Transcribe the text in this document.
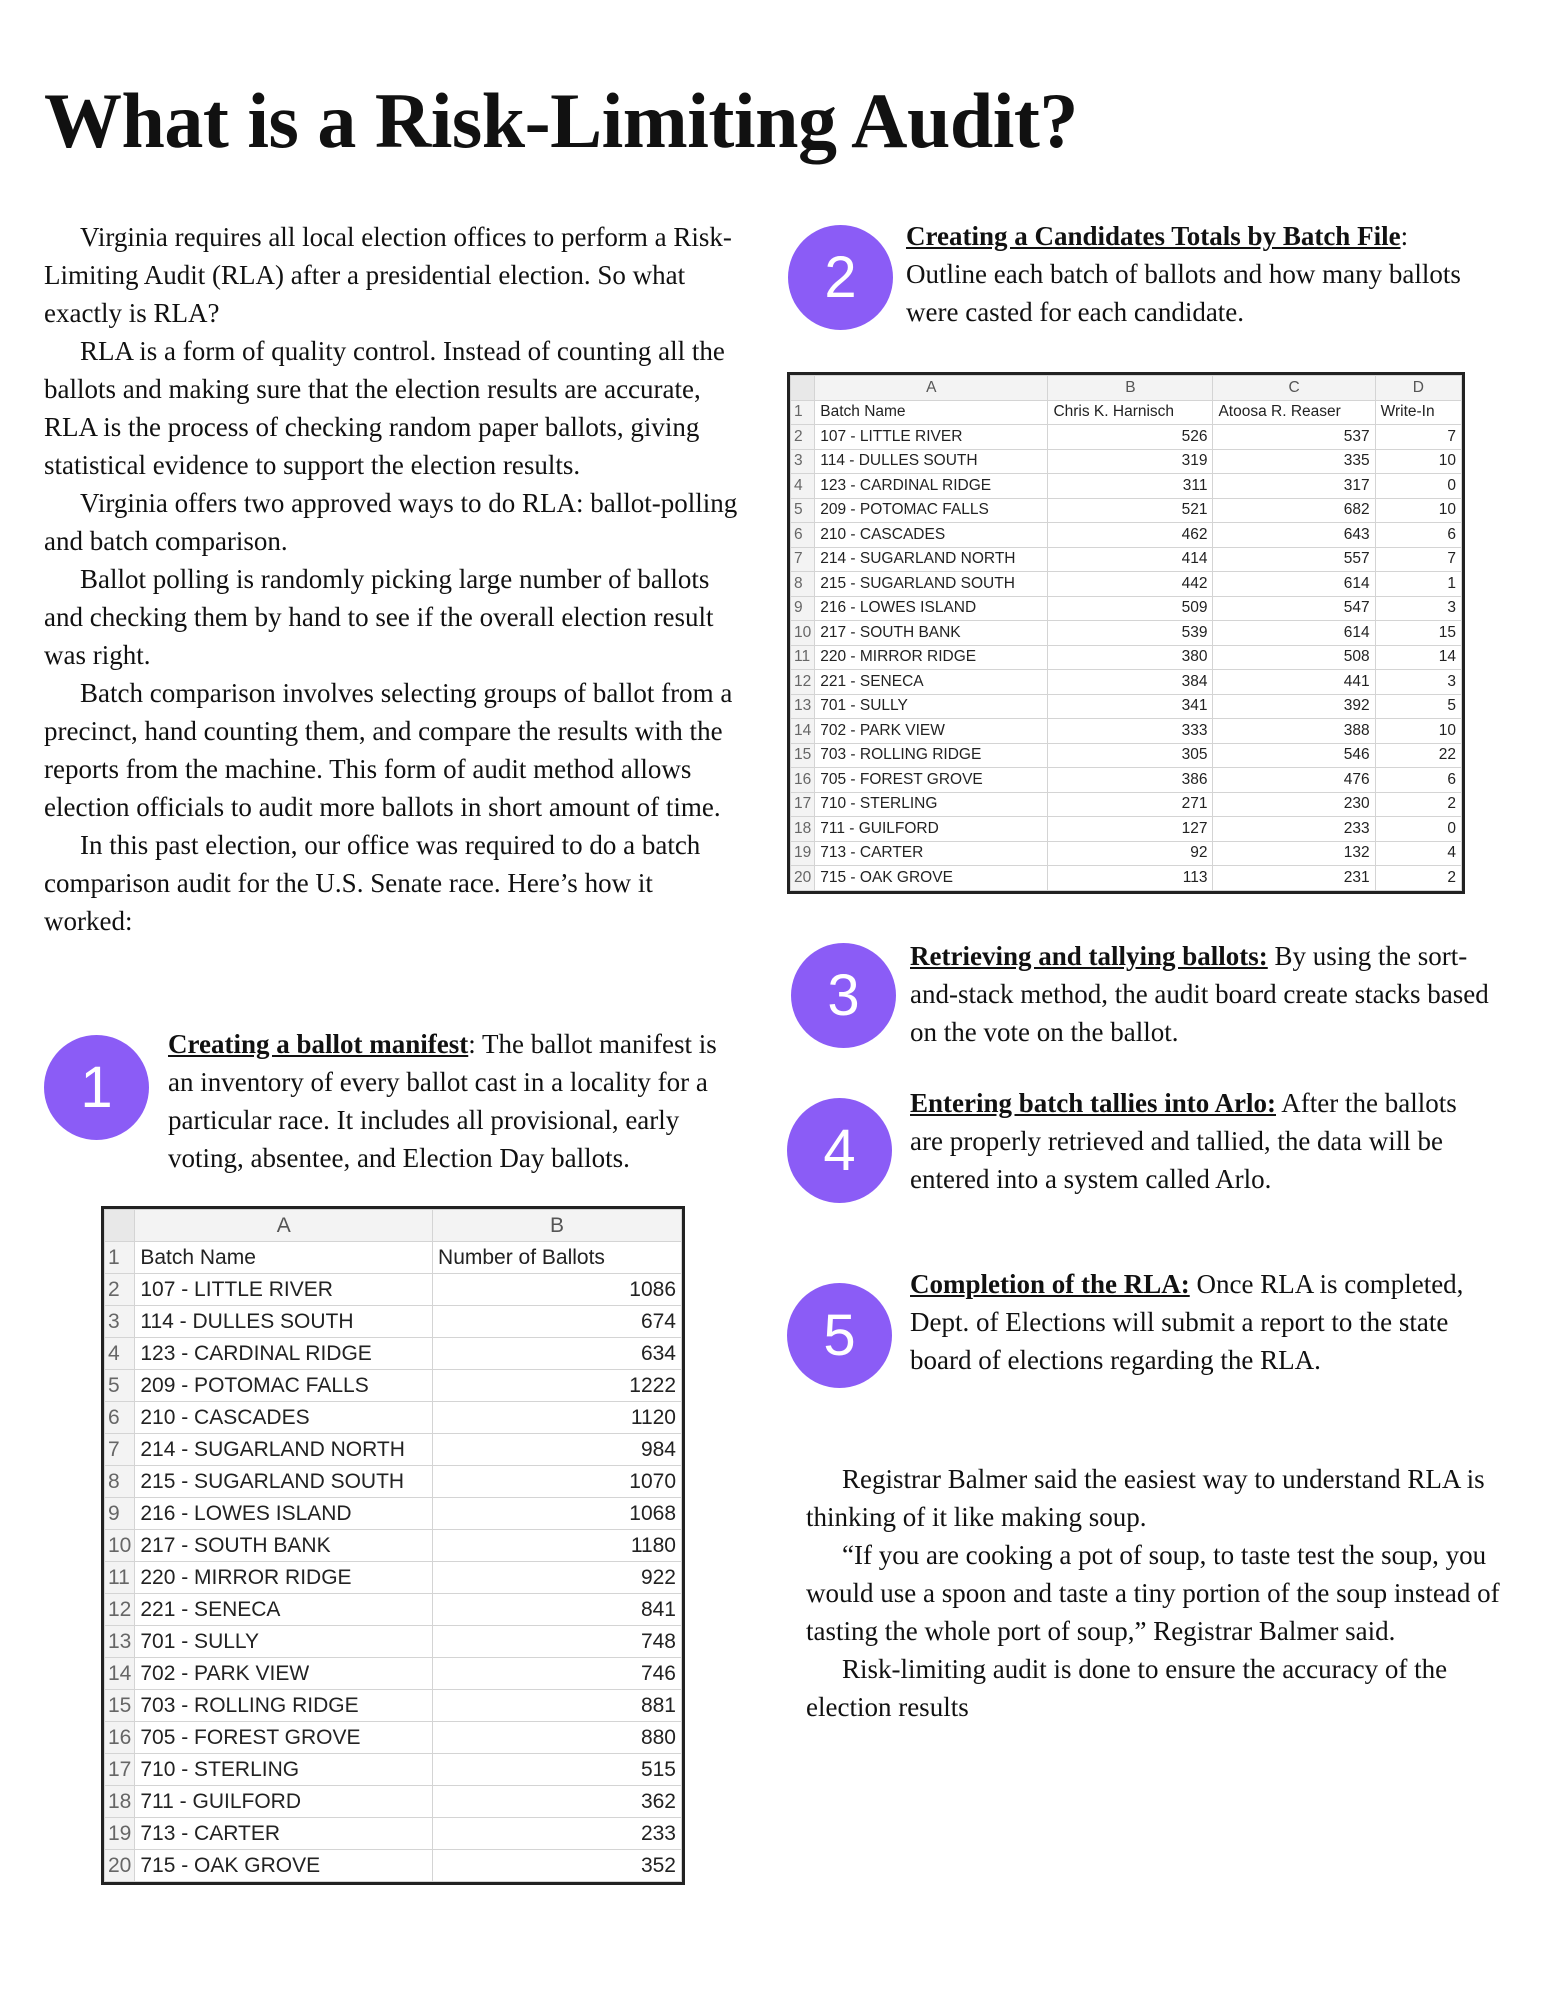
What is a Risk-Limiting Audit?

Virginia requires all local election offices to perform a Risk-Limiting Audit (RLA) after a presidential election. So what exactly is RLA?

RLA is a form of quality control. Instead of counting all the ballots and making sure that the election results are accurate, RLA is the process of checking random paper ballots, giving statistical evidence to support the election results.

Virginia offers two approved ways to do RLA: ballot-polling and batch comparison.

Ballot polling is randomly picking large number of ballots and checking them by hand to see if the overall election result was right.

Batch comparison involves selecting groups of ballot from a precinct, hand counting them, and compare the results with the reports from the machine. This form of audit method allows election officials to audit more ballots in short amount of time.

In this past election, our office was required to do a batch comparison audit for the U.S. Senate race. Here’s how it worked:

1
Creating a ballot manifest: The ballot manifest is an inventory of every ballot cast in a locality for a particular race. It includes all provisional, early voting, absentee, and Election Day ballots.
2
Creating a Candidates Totals by Batch File: Outline each batch of ballots and how many ballots were casted for each candidate.
3
Retrieving and tallying ballots: By using the sort-and-stack method, the audit board create stacks based on the vote on the ballot.
4
Entering batch tallies into Arlo: After the ballots are properly retrieved and tallied, the data will be entered into a system called Arlo.
5
Completion of the RLA: Once RLA is completed, Dept. of Elections will submit a report to the state board of elections regarding the RLA.
	A	B
1	Batch Name	Number of Ballots
2	107 - LITTLE RIVER	1086
3	114 - DULLES SOUTH	674
4	123 - CARDINAL RIDGE	634
5	209 - POTOMAC FALLS	1222
6	210 - CASCADES	1120
7	214 - SUGARLAND NORTH	984
8	215 - SUGARLAND SOUTH	1070
9	216 - LOWES ISLAND	1068
10	217 - SOUTH BANK	1180
11	220 - MIRROR RIDGE	922
12	221 - SENECA	841
13	701 - SULLY	748
14	702 - PARK VIEW	746
15	703 - ROLLING RIDGE	881
16	705 - FOREST GROVE	880
17	710 - STERLING	515
18	711 - GUILFORD	362
19	713 - CARTER	233
20	715 - OAK GROVE	352
	A	B	C	D
1	Batch Name	Chris K. Harnisch	Atoosa R. Reaser	Write-In
2	107 - LITTLE RIVER	526	537	7
3	114 - DULLES SOUTH	319	335	10
4	123 - CARDINAL RIDGE	311	317	0
5	209 - POTOMAC FALLS	521	682	10
6	210 - CASCADES	462	643	6
7	214 - SUGARLAND NORTH	414	557	7
8	215 - SUGARLAND SOUTH	442	614	1
9	216 - LOWES ISLAND	509	547	3
10	217 - SOUTH BANK	539	614	15
11	220 - MIRROR RIDGE	380	508	14
12	221 - SENECA	384	441	3
13	701 - SULLY	341	392	5
14	702 - PARK VIEW	333	388	10
15	703 - ROLLING RIDGE	305	546	22
16	705 - FOREST GROVE	386	476	6
17	710 - STERLING	271	230	2
18	711 - GUILFORD	127	233	0
19	713 - CARTER	92	132	4
20	715 - OAK GROVE	113	231	2

Registrar Balmer said the easiest way to understand RLA is thinking of it like making soup.

“If you are cooking a pot of soup, to taste test the soup, you would use a spoon and taste a tiny portion of the soup instead of tasting the whole port of soup,” Registrar Balmer said.

Risk-limiting audit is done to ensure the accuracy of the election results
